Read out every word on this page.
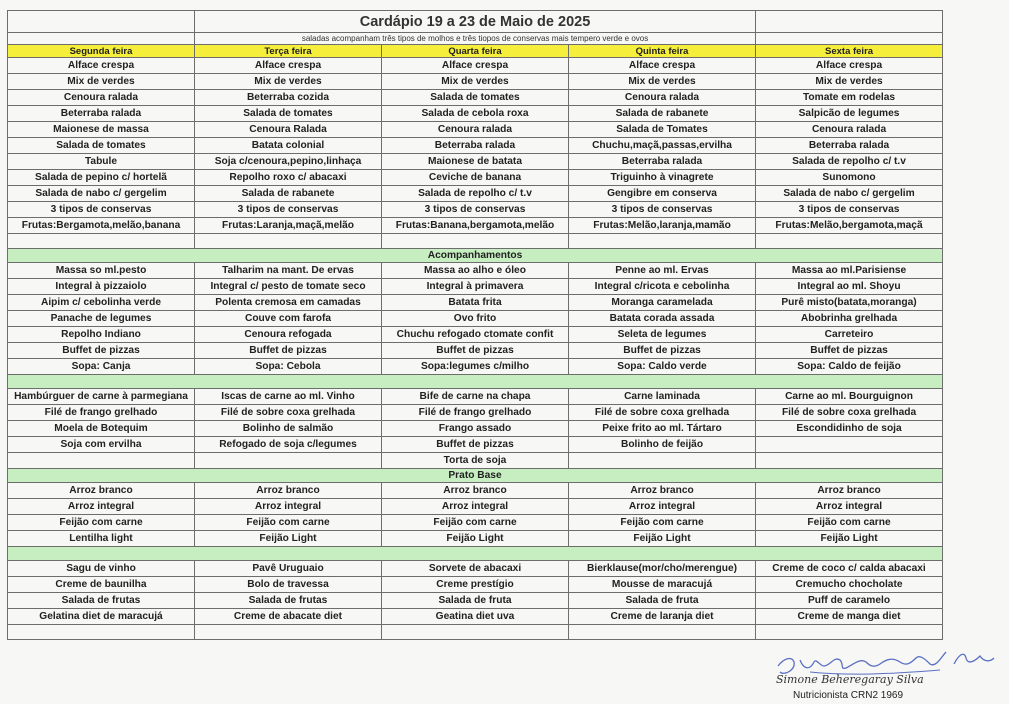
	Cardápio 19 a 23 de Maio de 2025			
	saladas acompanham três tipos de molhos e três tiopos de conservas mais tempero verde e ovos			
Segunda feira	Terça feira	Quarta feira	Quinta feira	Sexta feira
Alface crespa	Alface crespa	Alface crespa	Alface crespa	Alface crespa
Mix de verdes	Mix de verdes	Mix de verdes	Mix de verdes	Mix de verdes
Cenoura ralada	Beterraba cozida	Salada de tomates	Cenoura ralada	Tomate em rodelas
Beterraba ralada	Salada de tomates	Salada de cebola roxa	Salada de rabanete	Salpicão de legumes
Maionese de massa	Cenoura Ralada	Cenoura ralada	Salada de Tomates	Cenoura ralada
Salada de tomates	Batata colonial	Beterraba ralada	Chuchu,maçã,passas,ervilha	Beterraba ralada
Tabule	Soja c/cenoura,pepino,linhaça	Maionese de batata	Beterraba ralada	Salada de repolho c/ t.v
Salada de pepino c/ hortelã	Repolho roxo c/ abacaxi	Ceviche de banana	Triguinho à vinagrete	Sunomono
Salada de nabo c/ gergelim	Salada de rabanete	Salada de repolho c/ t.v	Gengibre em conserva	Salada de nabo c/ gergelim
3 tipos de conservas	3 tipos de conservas	3 tipos de conservas	3 tipos de conservas	3 tipos de conservas
Frutas:Bergamota,melão,banana	Frutas:Laranja,maçã,melão	Frutas:Banana,bergamota,melão	Frutas:Melão,laranja,mamão	Frutas:Melão,bergamota,maçã

Acompanhamentos				
Massa so ml.pesto	Talharim na mant. De ervas	Massa ao alho e óleo	Penne ao ml. Ervas	Massa ao ml.Parisiense
Integral à pizzaiolo	Integral c/ pesto de tomate seco	Integral à primavera	Integral c/ricota e cebolinha	Integral ao ml. Shoyu
Aipim c/ cebolinha verde	Polenta cremosa em camadas	Batata frita	Moranga caramelada	Purê misto(batata,moranga)
Panache de legumes	Couve com farofa	Ovo frito	Batata corada assada	Abobrinha grelhada
Repolho Indiano	Cenoura refogada	Chuchu refogado ctomate confit	Seleta de legumes	Carreteiro
Buffet de pizzas	Buffet de pizzas	Buffet de pizzas	Buffet de pizzas	Buffet de pizzas
Sopa: Canja	Sopa: Cebola	Sopa:legumes c/milho	Sopa: Caldo verde	Sopa: Caldo de feijão

Hambúrguer de carne à parmegiana	Iscas de carne ao ml. Vinho	Bife de carne na chapa	Carne laminada	Carne ao ml. Bourguignon
Filé de frango grelhado	Filé de sobre coxa grelhada	Filé de frango grelhado	Filé de sobre coxa grelhada	Filé de sobre coxa grelhada
Moela de Botequim	Bolinho de salmão	Frango assado	Peixe frito ao ml. Tártaro	Escondidinho de soja
Soja com ervilha	Refogado de soja c/legumes	Buffet de pizzas	Bolinho de feijão	
		Torta de soja		
Prato Base				
Arroz branco	Arroz branco	Arroz branco	Arroz branco	Arroz branco
Arroz integral	Arroz integral	Arroz integral	Arroz integral	Arroz integral
Feijão com carne	Feijão com carne	Feijão com carne	Feijão com carne	Feijão com carne
Lentilha light	Feijão Light	Feijão Light	Feijão Light	Feijão Light

Sagu de vinho	Pavê Uruguaio	Sorvete de abacaxi	Bierklause(mor/cho/merengue)	Creme de coco c/ calda abacaxi
Creme de baunilha	Bolo de travessa	Creme prestígio	Mousse de maracujá	Cremucho chocholate
Salada de frutas	Salada de frutas	Salada de fruta	Salada de fruta	Puff de caramelo
Gelatina diet de maracujá	Creme de abacate diet	Geatina diet uva	Creme de laranja diet	Creme de manga diet

Simone Beheregaray Silva
Nutricionista CRN2 1969
